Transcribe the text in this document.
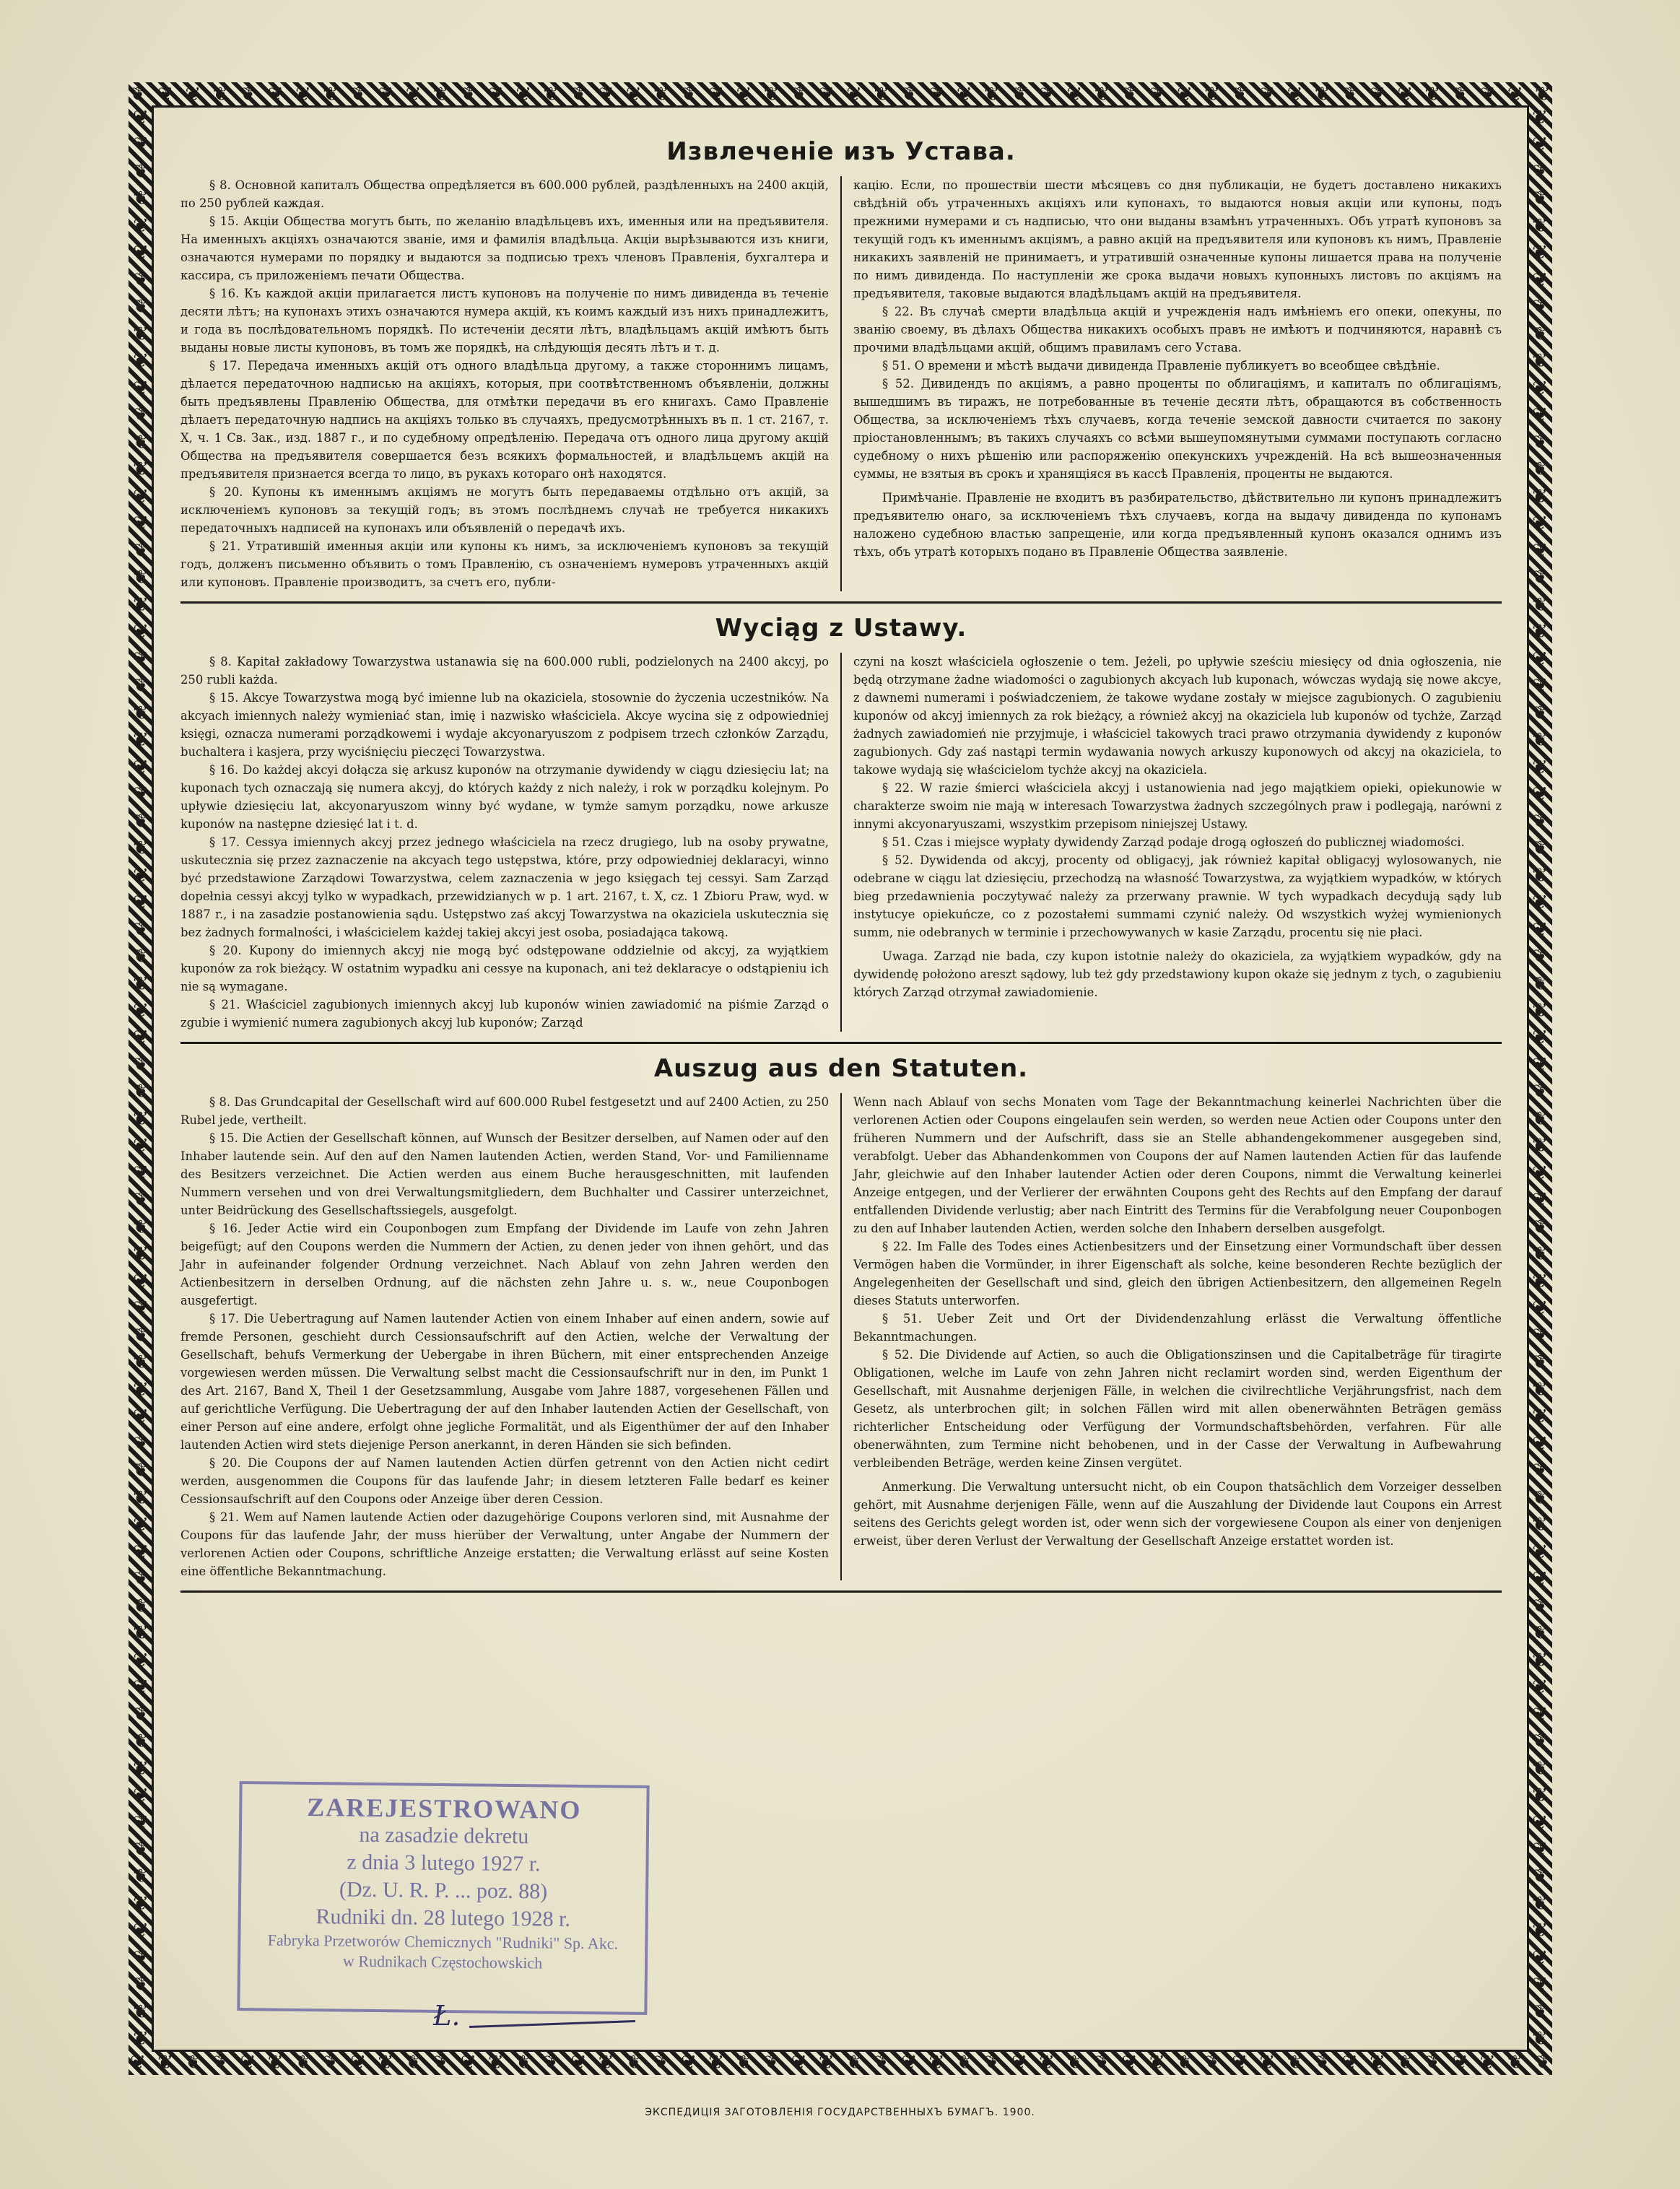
❦ ❦ ❦ ❦ ❦ ❦ ❦ ❦ ❦ ❦ ❦ ❦ ❦ ❦ ❦ ❦ ❦ ❦ ❦ ❦ ❦ ❦ ❦ ❦ ❦ ❦ ❦ ❦ ❦ ❦ ❦ ❦ ❦ ❦ ❦ ❦ ❦ ❦ ❦ ❦ ❦ ❦ ❦ ❦ ❦ ❦ ❦ ❦ ❦ ❦ ❦ ❦
❦ ❦ ❦ ❦ ❦ ❦ ❦ ❦ ❦ ❦ ❦ ❦ ❦ ❦ ❦ ❦ ❦ ❦ ❦ ❦ ❦ ❦ ❦ ❦ ❦ ❦ ❦ ❦ ❦ ❦ ❦ ❦ ❦ ❦ ❦ ❦ ❦ ❦ ❦ ❦ ❦ ❦ ❦ ❦ ❦ ❦ ❦ ❦ ❦ ❦ ❦ ❦
❦
❦
❦
❦
❦
❦
❦
❦
❦
❦
❦
❦
❦
❦
❦
❦
❦
❦
❦
❦
❦
❦
❦
❦
❦
❦
❦
❦
❦
❦
❦
❦
❦
❦
❦
❦
❦
❦
❦
❦
❦
❦
❦
❦
❦
❦
❦
❦
❦
❦
❦
❦
❦
❦
❦
❦
❦
❦
❦
❦
❦
❦
❦
❦
❦
❦
❦
❦
❦
❦
❦
❦
❦
❦
❦
❦
❦
❦
❦
❦
❦
❦
❦
❦
❦
❦
❦
❦
❦
❦
❦
❦
❦
❦
❦
❦
❦
❦
❦
❦
❦
❦
❦
❦
❦
❦
❦
❦
❦
❦
❦
❦
❦
❦
❦
❦
❦
❦
❦
❦
❦
❦
❦
❦
❦
❦
❦
❦
❦
❦
❦
❦
❦
❦
❦
❦
❦
❦
❦
❦
❦
❦
❦
❦
Извлеченіе изъ Устава.

§ 8. Основной капиталъ Общества опредѣляется въ 600.000 рублей, раздѣленныхъ на 2400 акцій, по 250 рублей каждая.

§ 15. Акціи Общества могутъ быть, по желанію владѣльцевъ ихъ, именныя или на предъявителя. На именныхъ акціяхъ означаются званіе, имя и фамилія владѣльца. Акціи вырѣзываются изъ книги, означаются нумерами по порядку и выдаются за подписью трехъ членовъ Правленія, бухгалтера и кассира, съ приложеніемъ печати Общества.

§ 16. Къ каждой акціи прилагается листъ купоновъ на полученіе по нимъ дивиденда въ теченіе десяти лѣтъ; на купонахъ этихъ означаются нумера акцій, къ коимъ каждый изъ нихъ принадлежитъ, и года въ послѣдовательномъ порядкѣ. По истеченіи десяти лѣтъ, владѣльцамъ акцій имѣютъ быть выданы новые листы купоновъ, въ томъ же порядкѣ, на слѣдующія десять лѣтъ и т. д.

§ 17. Передача именныхъ акцій отъ одного владѣльца другому, а также стороннимъ лицамъ, дѣлается передаточною надписью на акціяхъ, которыя, при соотвѣтственномъ объявленіи, должны быть предъявлены Правленію Общества, для отмѣтки передачи въ его книгахъ. Само Правленіе дѣлаетъ передаточную надпись на акціяхъ только въ случаяхъ, предусмотрѣнныхъ въ п. 1 ст. 2167, т. X, ч. 1 Св. Зак., изд. 1887 г., и по судебному опредѣленію. Передача отъ одного лица другому акцій Общества на предъявителя совершается безъ всякихъ формальностей, и владѣльцемъ акцій на предъявителя признается всегда то лицо, въ рукахъ котораго онѣ находятся.

§ 20. Купоны къ именнымъ акціямъ не могутъ быть передаваемы отдѣльно отъ акцій, за исключеніемъ купоновъ за текущій годъ; въ этомъ послѣднемъ случаѣ не требуется никакихъ передаточныхъ надписей на купонахъ или объявленій о передачѣ ихъ.

§ 21. Утратившій именныя акціи или купоны къ нимъ, за исключеніемъ купоновъ за текущій годъ, долженъ письменно объявить о томъ Правленію, съ означеніемъ нумеровъ утраченныхъ акцій или купоновъ. Правленіе производитъ, за счетъ его, публи-

кацію. Если, по прошествіи шести мѣсяцевъ со дня публикаціи, не будетъ доставлено никакихъ свѣдѣній объ утраченныхъ акціяхъ или купонахъ, то выдаются новыя акціи или купоны, подъ прежними нумерами и съ надписью, что они выданы взамѣнъ утраченныхъ. Объ утратѣ купоновъ за текущій годъ къ именнымъ акціямъ, а равно акцій на предъявителя или купоновъ къ нимъ, Правленіе никакихъ заявленій не принимаетъ, и утратившій означенные купоны лишается права на полученіе по нимъ дивиденда. По наступленіи же срока выдачи новыхъ купонныхъ листовъ по акціямъ на предъявителя, таковые выдаются владѣльцамъ акцій на предъявителя.

§ 22. Въ случаѣ смерти владѣльца акцій и учрежденія надъ имѣніемъ его опеки, опекуны, по званію своему, въ дѣлахъ Общества никакихъ особыхъ правъ не имѣютъ и подчиняются, наравнѣ съ прочими владѣльцами акцій, общимъ правиламъ сего Устава.

§ 51. О времени и мѣстѣ выдачи дивиденда Правленіе публикуетъ во всеобщее свѣдѣніе.

§ 52. Дивидендъ по акціямъ, а равно проценты по облигаціямъ, и капиталъ по облигаціямъ, вышедшимъ въ тиражъ, не потребованные въ теченіе десяти лѣтъ, обращаются въ собственность Общества, за исключеніемъ тѣхъ случаевъ, когда теченіе земской давности считается по закону пріостановленнымъ; въ такихъ случаяхъ со всѣми вышеупомянутыми суммами поступають согласно судебному о нихъ рѣшенію или распоряженію опекунскихъ учрежденій. На всѣ вышеозначенныя суммы, не взятыя въ срокъ и хранящіяся въ кассѣ Правленія, проценты не выдаются.

Примѣчаніе. Правленіе не входитъ въ разбирательство, дѣйствительно ли купонъ принадлежитъ предъявителю онаго, за исключеніемъ тѣхъ случаевъ, когда на выдачу дивиденда по купонамъ наложено судебною властью запрещеніе, или когда предъявленный купонъ оказался однимъ изъ тѣхъ, объ утратѣ которыхъ подано въ Правленіе Общества заявленіе.

Wyciąg z Ustawy.

§ 8. Kapitał zakładowy Towarzystwa ustanawia się na 600.000 rubli, podzielonych na 2400 akcyj, po 250 rubli każda.

§ 15. Akcye Towarzystwa mogą być imienne lub na okaziciela, stosownie do życzenia uczestników. Na akcyach imiennych należy wymieniać stan, imię i nazwisko właściciela. Akcye wycina się z odpowiedniej księgi, oznacza numerami porządkowemi i wydaje akcyonaryuszom z podpisem trzech członków Zarządu, buchaltera i kasjera, przy wyciśnięciu pieczęci Towarzystwa.

§ 16. Do każdej akcyi dołącza się arkusz kuponów na otrzymanie dywidendy w ciągu dziesięciu lat; na kuponach tych oznaczają się numera akcyj, do których każdy z nich należy, i rok w porządku kolejnym. Po upływie dziesięciu lat, akcyonaryuszom winny być wydane, w tymże samym porządku, nowe arkusze kuponów na następne dziesięć lat i t. d.

§ 17. Cessya imiennych akcyj przez jednego właściciela na rzecz drugiego, lub na osoby prywatne, uskutecznia się przez zaznaczenie na akcyach tego ustępstwa, które, przy odpowiedniej deklaracyi, winno być przedstawione Zarządowi Towarzystwa, celem zaznaczenia w jego księgach tej cessyi. Sam Zarząd dopełnia cessyi akcyj tylko w wypadkach, przewidzianych w p. 1 art. 2167, t. X, cz. 1 Zbioru Praw, wyd. w 1887 r., i na zasadzie postanowienia sądu. Ustępstwo zaś akcyj Towarzystwa na okaziciela uskutecznia się bez żadnych formalności, i właścicielem każdej takiej akcyi jest osoba, posiadająca takową.

§ 20. Kupony do imiennych akcyj nie mogą być odstępowane oddzielnie od akcyj, za wyjątkiem kuponów za rok bieżący. W ostatnim wypadku ani cessye na kuponach, ani też deklaracye o odstąpieniu ich nie są wymagane.

§ 21. Właściciel zagubionych imiennych akcyj lub kuponów winien zawiadomić na piśmie Zarząd o zgubie i wymienić numera zagubionych akcyj lub kuponów; Zarząd

czyni na koszt właściciela ogłoszenie o tem. Jeżeli, po upływie sześciu miesięcy od dnia ogłoszenia, nie będą otrzymane żadne wiadomości o zagubionych akcyach lub kuponach, wówczas wydają się nowe akcye, z dawnemi numerami i poświadczeniem, że takowe wydane zostały w miejsce zagubionych. O zagubieniu kuponów od akcyj imiennych za rok bieżący, a również akcyj na okaziciela lub kuponów od tychże, Zarząd żadnych zawiadomień nie przyjmuje, i właściciel takowych traci prawo otrzymania dywidendy z kuponów zagubionych. Gdy zaś nastąpi termin wydawania nowych arkuszy kuponowych od akcyj na okaziciela, to takowe wydają się właścicielom tychże akcyj na okaziciela.

§ 22. W razie śmierci właściciela akcyj i ustanowienia nad jego majątkiem opieki, opiekunowie w charakterze swoim nie mają w interesach Towarzystwa żadnych szczególnych praw i podlegają, narówni z innymi akcyonaryuszami, wszystkim przepisom niniejszej Ustawy.

§ 51. Czas i miejsce wypłaty dywidendy Zarząd podaje drogą ogłoszeń do publicznej wiadomości.

§ 52. Dywidenda od akcyj, procenty od obligacyj, jak również kapitał obligacyj wylosowanych, nie odebrane w ciągu lat dziesięciu, przechodzą na własność Towarzystwa, za wyjątkiem wypadków, w których bieg przedawnienia poczytywać należy za przerwany prawnie. W tych wypadkach decydują sądy lub instytucye opiekuńcze, co z pozostałemi summami czynić należy. Od wszystkich wyżej wymienionych summ, nie odebranych w terminie i przechowywanych w kasie Zarządu, procentu się nie płaci.

Uwaga. Zarząd nie bada, czy kupon istotnie należy do okaziciela, za wyjątkiem wypadków, gdy na dywidendę położono areszt sądowy, lub też gdy przedstawiony kupon okaże się jednym z tych, o zagubieniu których Zarząd otrzymał zawiadomienie.

Auszug aus den Statuten.

§ 8. Das Grundcapital der Gesellschaft wird auf 600.000 Rubel festgesetzt und auf 2400 Actien, zu 250 Rubel jede, vertheilt.

§ 15. Die Actien der Gesellschaft können, auf Wunsch der Besitzer derselben, auf Namen oder auf den Inhaber lautende sein. Auf den auf den Namen lautenden Actien, werden Stand, Vor- und Familienname des Besitzers verzeichnet. Die Actien werden aus einem Buche herausgeschnitten, mit laufenden Nummern versehen und von drei Verwaltungsmitgliedern, dem Buchhalter und Cassirer unterzeichnet, unter Beidrückung des Gesellschaftssiegels, ausgefolgt.

§ 16. Jeder Actie wird ein Couponbogen zum Empfang der Dividende im Laufe von zehn Jahren beigefügt; auf den Coupons werden die Nummern der Actien, zu denen jeder von ihnen gehört, und das Jahr in aufeinander folgender Ordnung verzeichnet. Nach Ablauf von zehn Jahren werden den Actienbesitzern in derselben Ordnung, auf die nächsten zehn Jahre u. s. w., neue Couponbogen ausgefertigt.

§ 17. Die Uebertragung auf Namen lautender Actien von einem Inhaber auf einen andern, sowie auf fremde Personen, geschieht durch Cessionsaufschrift auf den Actien, welche der Verwaltung der Gesellschaft, behufs Vermerkung der Uebergabe in ihren Büchern, mit einer entsprechenden Anzeige vorgewiesen werden müssen. Die Verwaltung selbst macht die Cessionsaufschrift nur in den, im Punkt 1 des Art. 2167, Band X, Theil 1 der Gesetzsammlung, Ausgabe vom Jahre 1887, vorgesehenen Fällen und auf gerichtliche Verfügung. Die Uebertragung der auf den Inhaber lautenden Actien der Gesellschaft, von einer Person auf eine andere, erfolgt ohne jegliche Formalität, und als Eigenthümer der auf den Inhaber lautenden Actien wird stets diejenige Person anerkannt, in deren Händen sie sich befinden.

§ 20. Die Coupons der auf Namen lautenden Actien dürfen getrennt von den Actien nicht cedirt werden, ausgenommen die Coupons für das laufende Jahr; in diesem letzteren Falle bedarf es keiner Cessionsaufschrift auf den Coupons oder Anzeige über deren Cession.

§ 21. Wem auf Namen lautende Actien oder dazugehörige Coupons verloren sind, mit Ausnahme der Coupons für das laufende Jahr, der muss hierüber der Verwaltung, unter Angabe der Nummern der verlorenen Actien oder Coupons, schriftliche Anzeige erstatten; die Verwaltung erlässt auf seine Kosten eine öffentliche Bekanntmachung.

Wenn nach Ablauf von sechs Monaten vom Tage der Bekanntmachung keinerlei Nachrichten über die verlorenen Actien oder Coupons eingelaufen sein werden, so werden neue Actien oder Coupons unter den früheren Nummern und der Aufschrift, dass sie an Stelle abhandengekommener ausgegeben sind, verabfolgt. Ueber das Abhandenkommen von Coupons der auf Namen lautenden Actien für das laufende Jahr, gleichwie auf den Inhaber lautender Actien oder deren Coupons, nimmt die Verwaltung keinerlei Anzeige entgegen, und der Verlierer der erwähnten Coupons geht des Rechts auf den Empfang der darauf entfallenden Dividende verlustig; aber nach Eintritt des Termins für die Verabfolgung neuer Couponbogen zu den auf Inhaber lautenden Actien, werden solche den Inhabern derselben ausgefolgt.

§ 22. Im Falle des Todes eines Actienbesitzers und der Einsetzung einer Vormundschaft über dessen Vermögen haben die Vormünder, in ihrer Eigenschaft als solche, keine besonderen Rechte bezüglich der Angelegenheiten der Gesellschaft und sind, gleich den übrigen Actienbesitzern, den allgemeinen Regeln dieses Statuts unterworfen.

§ 51. Ueber Zeit und Ort der Dividendenzahlung erlässt die Verwaltung öffentliche Bekanntmachungen.

§ 52. Die Dividende auf Actien, so auch die Obligationszinsen und die Capitalbeträge für tiragirte Obligationen, welche im Laufe von zehn Jahren nicht reclamirt worden sind, werden Eigenthum der Gesellschaft, mit Ausnahme derjenigen Fälle, in welchen die civilrechtliche Verjährungsfrist, nach dem Gesetz, als unterbrochen gilt; in solchen Fällen wird mit allen obenerwähnten Beträgen gemäss richterlicher Entscheidung oder Verfügung der Vormundschaftsbehörden, verfahren. Für alle obenerwähnten, zum Termine nicht behobenen, und in der Casse der Verwaltung in Aufbewahrung verbleibenden Beträge, werden keine Zinsen vergütet.

Anmerkung. Die Verwaltung untersucht nicht, ob ein Coupon thatsächlich dem Vorzeiger desselben gehört, mit Ausnahme derjenigen Fälle, wenn auf die Auszahlung der Dividende laut Coupons ein Arrest seitens des Gerichts gelegt worden ist, oder wenn sich der vorgewiesene Coupon als einer von denjenigen erweist, über deren Verlust der Verwaltung der Gesellschaft Anzeige erstattet worden ist.

ZAREJESTROWANO
na zasadzie dekretu
z dnia 3 lutego 1927 r.
(Dz. U. R. P. ... poz. 88)
Rudniki dn. 28 lutego 1928 r.
Fabryka Przetworów Chemicznych "Rudniki" Sp. Akc.
w Rudnikach Częstochowskich
Ł.
ЭКСПЕДИЦІЯ ЗАГОТОВЛЕНІЯ ГОСУДАРСТВЕННЫХЪ БУМАГЪ. 1900.
